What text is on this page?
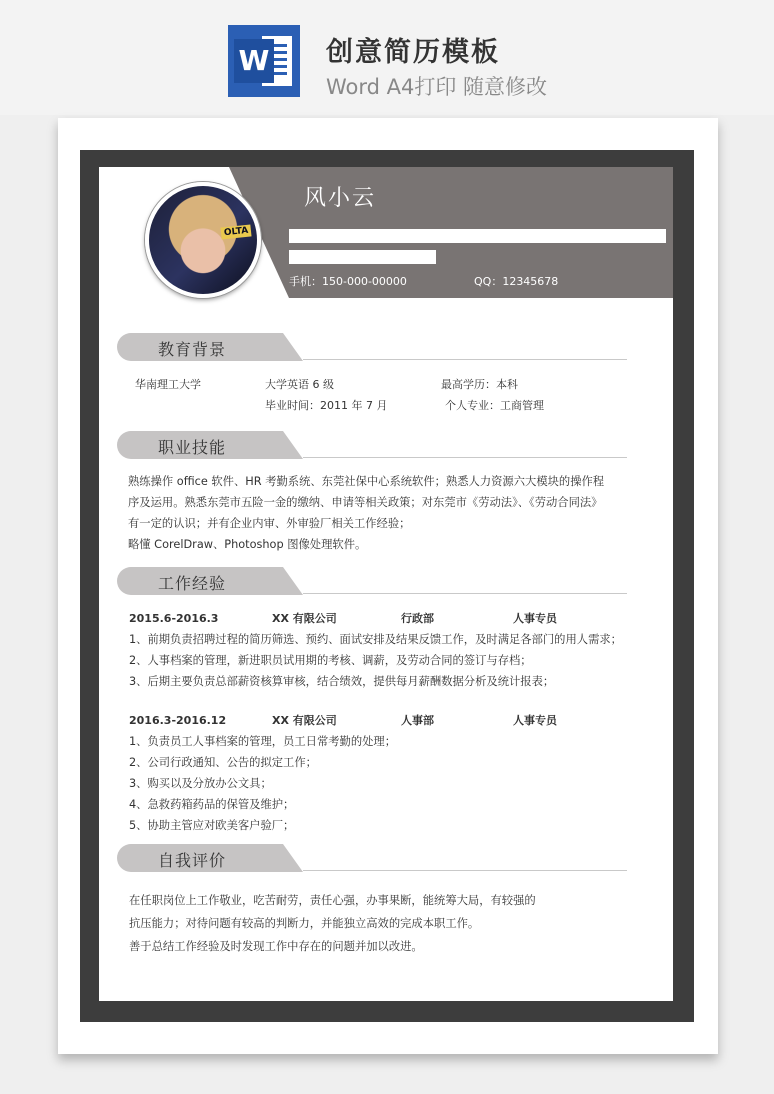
W 创意简历模板
Word A4打印 随意修改
风小云
手机：150-000-00000	QQ：12345678
OLTA
教育背景
华南理工大学	大学英语 6 级	最高学历：本科
毕业时间：2011 年 7 月	个人专业：工商管理
职业技能
熟练操作 office 软件、HR 考勤系统、东莞社保中心系统软件；熟悉人力资源六大模块的操作程
序及运用。熟悉东莞市五险一金的缴纳、申请等相关政策；对东莞市《劳动法》、《劳动合同法》
有一定的认识；并有企业内审、外审验厂相关工作经验；
略懂 CorelDraw、Photoshop 图像处理软件。
工作经验
2015.6-2016.3	XX 有限公司	行政部	人事专员
1、前期负责招聘过程的简历筛选、预约、面试安排及结果反馈工作，及时满足各部门的用人需求；
2、人事档案的管理，新进职员试用期的考核、调薪，及劳动合同的签订与存档；
3、后期主要负责总部薪资核算审核，结合绩效，提供每月薪酬数据分析及统计报表；
2016.3-2016.12	XX 有限公司	人事部	人事专员
1、负责员工人事档案的管理，员工日常考勤的处理；
2、公司行政通知、公告的拟定工作；
3、购买以及分放办公文具；
4、急救药箱药品的保管及维护；
5、协助主管应对欧美客户验厂；
自我评价
在任职岗位上工作敬业，吃苦耐劳，责任心强，办事果断，能统筹大局，有较强的
抗压能力；对待问题有较高的判断力，并能独立高效的完成本职工作。
善于总结工作经验及时发现工作中存在的问题并加以改进。
